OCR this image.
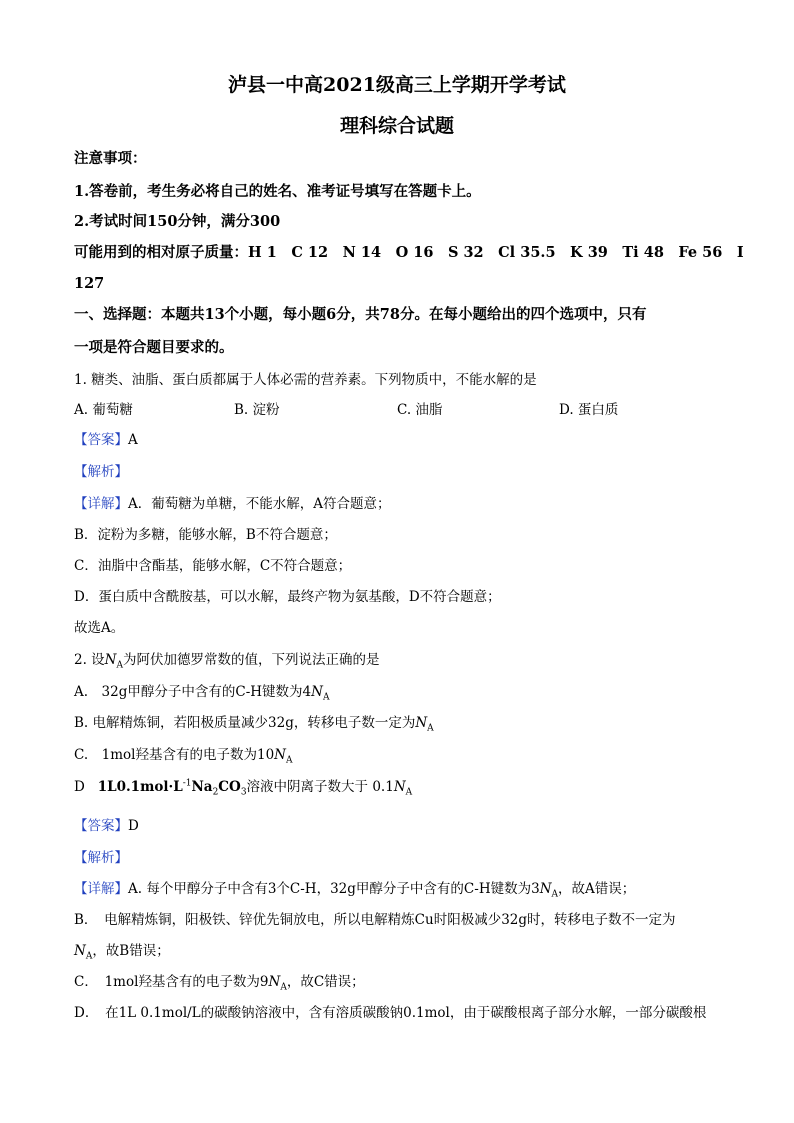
泸县一中高2021级高三上学期开学考试
理科综合试题
注意事项：
1.答卷前，考生务必将自己的姓名、准考证号填写在答题卡上。
2.考试时间150分钟，满分300
可能用到的相对原子质量：H 1　C 12　N 14　O 16　S 32　Cl 35.5　K 39　Ti 48　Fe 56　I
127
一、选择题：本题共13个小题，每小题6分，共78分。在每小题给出的四个选项中，只有
一项是符合题目要求的。
1. 糖类、油脂、蛋白质都属于人体必需的营养素。下列物质中，不能水解的是
A. 葡萄糖	B. 淀粉	C. 油脂	D. 蛋白质
【答案】A
【解析】
【详解】A．葡萄糖为单糖，不能水解，A符合题意；
B．淀粉为多糖，能够水解，B不符合题意；
C．油脂中含酯基，能够水解，C不符合题意；
D．蛋白质中含酰胺基，可以水解，最终产物为氨基酸，D不符合题意；
故选A。
2. 设$N_A$为阿伏加德罗常数的值，下列说法正确的是
A.　32g甲醇分子中含有的C-H键数为$4N_A$
B. 电解精炼铜，若阳极质量减少32g，转移电子数一定为$N_A$
C.　1mol羟基含有的电子数为$10N_A$
D $1L0.1mol\cdot L^{-1}Na_2CO_3$溶液中阴离子数大于 $0.1N_A$
【答案】D
【解析】
【详解】A. 每个甲醇分子中含有3个C-H，32g甲醇分子中含有的C-H键数为$3N_A$，故A错误；
B．　电解精炼铜，阳极铁、锌优先铜放电，所以电解精炼Cu时阳极减少32g时，转移电子数不一定为
$N_A$，故B错误；
C．　1mol羟基含有的电子数为$9N_A$，故C错误；
D．　在1L 0.1mol/L的碳酸钠溶液中，含有溶质碳酸钠0.1mol，由于碳酸根离子部分水解，一部分碳酸根
